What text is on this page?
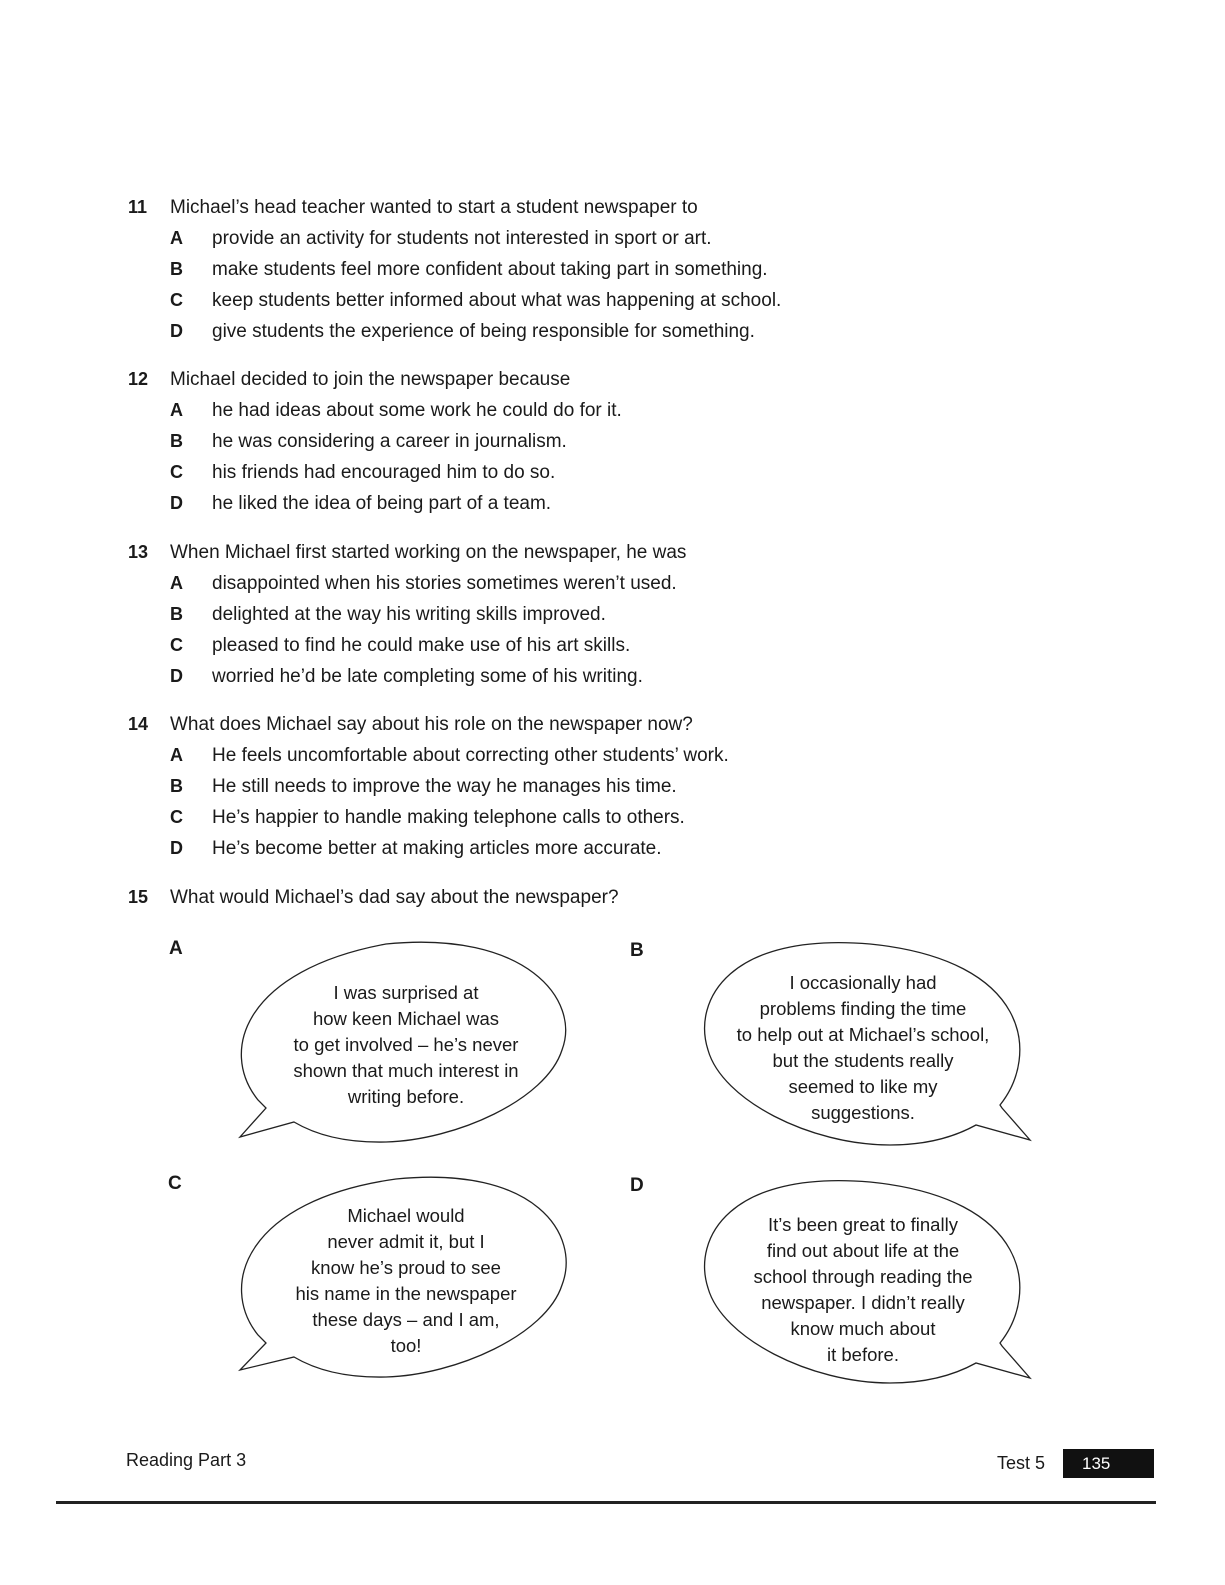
11	Michael’s head teacher wanted to start a student newspaper to
A	provide an activity for students not interested in sport or art.
B	make students feel more confident about taking part in something.
C	keep students better informed about what was happening at school.
D	give students the experience of being responsible for something.
12	Michael decided to join the newspaper because
A	he had ideas about some work he could do for it.
B	he was considering a career in journalism.
C	his friends had encouraged him to do so.
D	he liked the idea of being part of a team.
13	When Michael first started working on the newspaper, he was
A	disappointed when his stories sometimes weren’t used.
B	delighted at the way his writing skills improved.
C	pleased to find he could make use of his art skills.
D	worried he’d be late completing some of his writing.
14	What does Michael say about his role on the newspaper now?
A	He feels uncomfortable about correcting other students’ work.
B	He still needs to improve the way he manages his time.
C	He’s happier to handle making telephone calls to others.
D	He’s become better at making articles more accurate.
15	What would Michael’s dad say about the newspaper?
A
I was surprised at
how keen Michael was
to get involved – he’s never
shown that much interest in
writing before.
B
I occasionally had
problems finding the time
to help out at Michael’s school,
but the students really
seemed to like my
suggestions.
C
Michael would
never admit it, but I
know he’s proud to see
his name in the newspaper
these days – and I am,
too!
D
It’s been great to finally
find out about life at the
school through reading the
newspaper. I didn’t really
know much about
it before.
Reading Part 3	Test 5	135
